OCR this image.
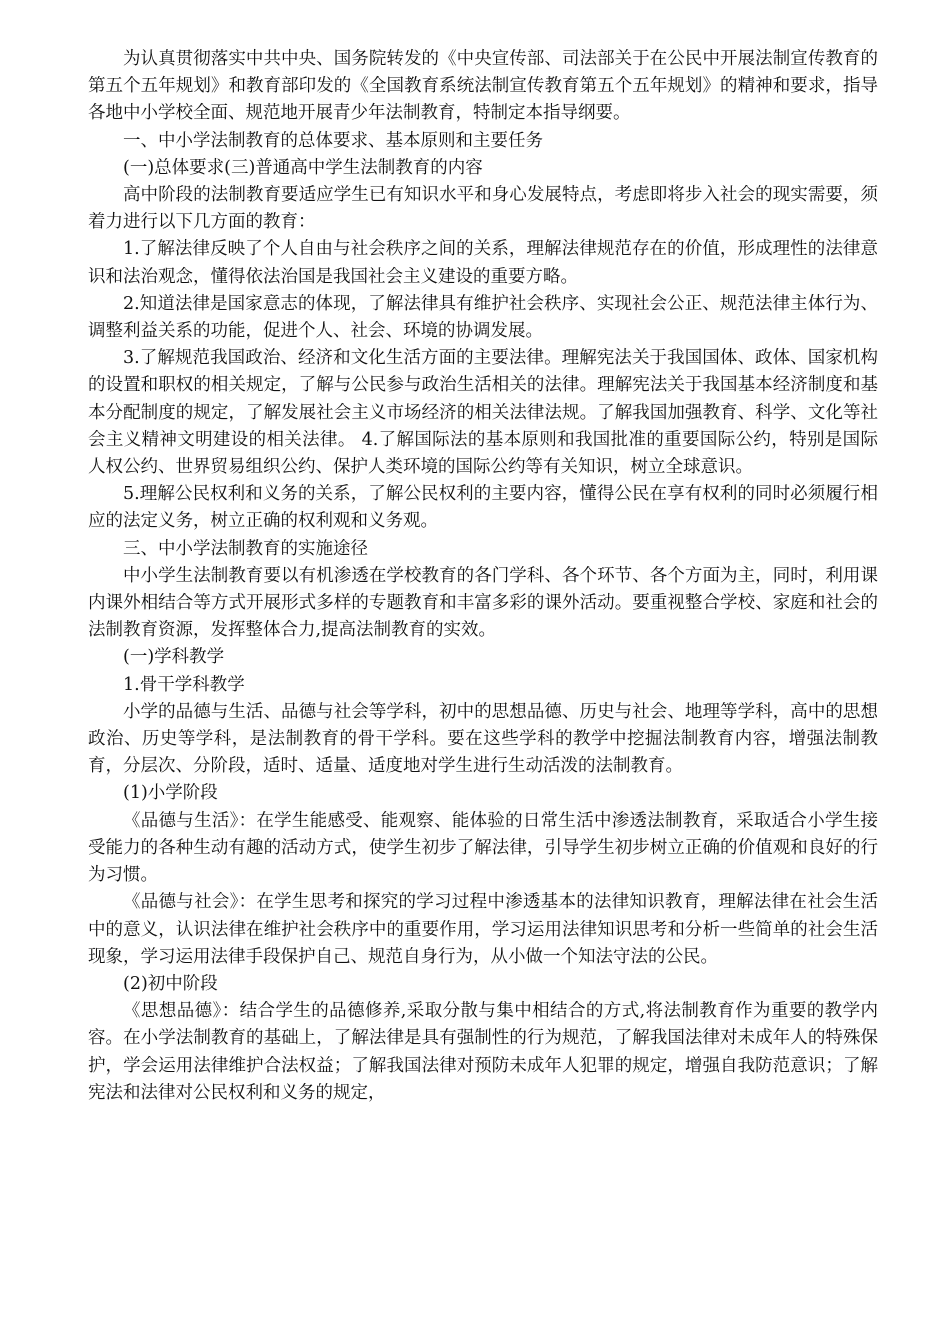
为认真贯彻落实中共中央、国务院转发的《中央宣传部、司法部关于在公民中开展法制宣传教育的第五个五年规划》和教育部印发的《全国教育系统法制宣传教育第五个五年规划》的精神和要求，指导各地中小学校全面、规范地开展青少年法制教育，特制定本指导纲要。

一、中小学法制教育的总体要求、基本原则和主要任务

(一)总体要求(三)普通高中学生法制教育的内容

高中阶段的法制教育要适应学生已有知识水平和身心发展特点，考虑即将步入社会的现实需要，须着力进行以下几方面的教育：

1.了解法律反映了个人自由与社会秩序之间的关系，理解法律规范存在的价值，形成理性的法律意识和法治观念，懂得依法治国是我国社会主义建设的重要方略。

2.知道法律是国家意志的体现，了解法律具有维护社会秩序、实现社会公正、规范法律主体行为、调整利益关系的功能，促进个人、社会、环境的协调发展。

3.了解规范我国政治、经济和文化生活方面的主要法律。理解宪法关于我国国体、政体、国家机构的设置和职权的相关规定，了解与公民参与政治生活相关的法律。理解宪法关于我国基本经济制度和基本分配制度的规定，了解发展社会主义市场经济的相关法律法规。了解我国加强教育、科学、文化等社会主义精神文明建设的相关法律。 4.了解国际法的基本原则和我国批准的重要国际公约，特别是国际人权公约、世界贸易组织公约、保护人类环境的国际公约等有关知识，树立全球意识。

5.理解公民权利和义务的关系，了解公民权利的主要内容，懂得公民在享有权利的同时必须履行相应的法定义务，树立正确的权利观和义务观。

三、中小学法制教育的实施途径

中小学生法制教育要以有机渗透在学校教育的各门学科、各个环节、各个方面为主，同时，利用课内课外相结合等方式开展形式多样的专题教育和丰富多彩的课外活动。要重视整合学校、家庭和社会的法制教育资源，发挥整体合力,提高法制教育的实效。

(一)学科教学

1.骨干学科教学

小学的品德与生活、品德与社会等学科，初中的思想品德、历史与社会、地理等学科，高中的思想政治、历史等学科，是法制教育的骨干学科。要在这些学科的教学中挖掘法制教育内容，增强法制教育，分层次、分阶段，适时、适量、适度地对学生进行生动活泼的法制教育。

(1)小学阶段

《品德与生活》：在学生能感受、能观察、能体验的日常生活中渗透法制教育，采取适合小学生接受能力的各种生动有趣的活动方式，使学生初步了解法律，引导学生初步树立正确的价值观和良好的行为习惯。

《品德与社会》：在学生思考和探究的学习过程中渗透基本的法律知识教育，理解法律在社会生活中的意义，认识法律在维护社会秩序中的重要作用，学习运用法律知识思考和分析一些简单的社会生活现象，学习运用法律手段保护自己、规范自身行为，从小做一个知法守法的公民。

(2)初中阶段

《思想品德》：结合学生的品德修养,采取分散与集中相结合的方式,将法制教育作为重要的教学内容。在小学法制教育的基础上，了解法律是具有强制性的行为规范，了解我国法律对未成年人的特殊保护，学会运用法律维护合法权益；了解我国法律对预防未成年人犯罪的规定，增强自我防范意识；了解宪法和法律对公民权利和义务的规定，
